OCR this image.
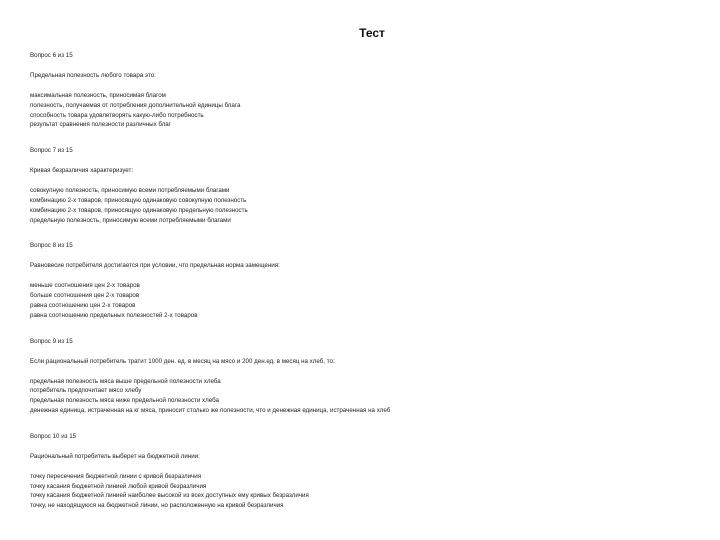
Тест
Вопрос 6 из 15
Предельная полезность любого товара это:
максимальная полезность, приносимая благом
полезность, получаемая от потребления дополнительной единицы блага
способность товара удовлетворять какую-либо потребность
результат сравнения полезности различных благ
Вопрос 7 из 15
Кривая безразличия характеризует:
совокупную полезность, приносимую всеми потребляемыми благами
комбинацию 2-х товаров, приносящую одинаковую совокупную полезность
комбинацию 2-х товаров, приносящую одинаковую предельную полезность
предельную полезность, приносимую всеми потребляемыми благами
Вопрос 8 из 15
Равновесие потребителя достигается при условии, что предельная норма замещения:
меньше соотношения цен 2-х товаров
больше соотношения цен 2-х товаров
равна соотношению цен 2-х товаров
равна соотношению предельных полезностей 2-х товаров
Вопрос 9 из 15
Если рациональный потребитель тратит 1000 ден. ед. в месяц на мясо и 200 ден.ед. в месяц на хлеб, то:
предельная полезность мяса выше предельной полезности хлеба
потребитель предпочитает мясо хлебу
предельная полезность мяса ниже предельной полезности хлеба
денежная единица, истраченная на кг мяса, приносит столько же полезности, что и денежная единица, истраченная на хлеб
Вопрос 10 из 15
Рациональный потребитель выберет на бюджетной линии:
точку пересечения бюджетной линии с кривой безразличия
точку касания бюджетной линией любой кривой безразличия
точку касания бюджетной линией наиболее высокой из всех доступных ему кривых безразличия
точку, не находящуюся на бюджетной линии, но расположенную на кривой безразличия
